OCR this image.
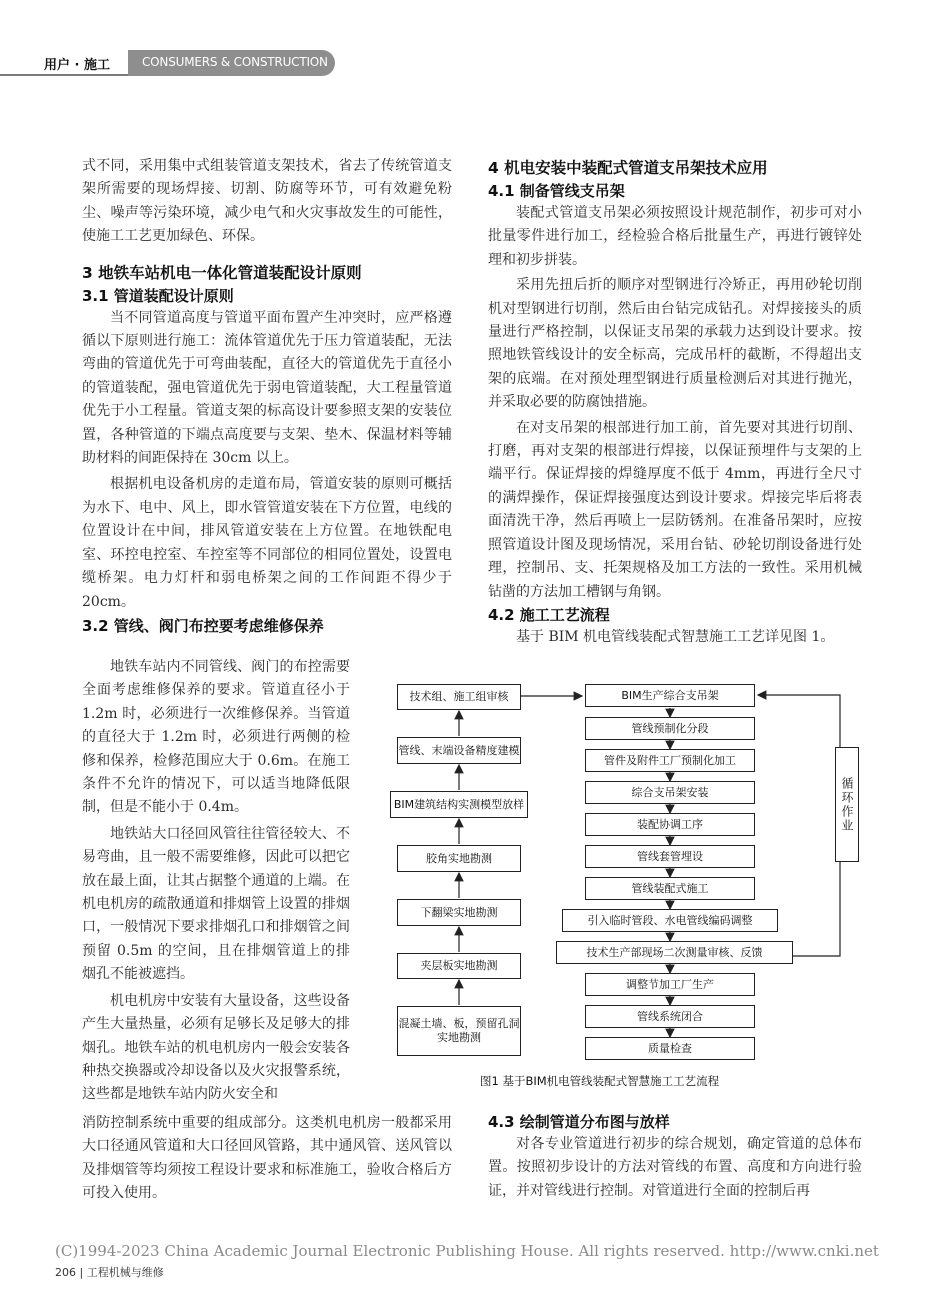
用户 · 施工	CONSUMERS & CONSTRUCTION

式不同，采用集中式组装管道支架技术，省去了传统管道支架所需要的现场焊接、切割、防腐等环节，可有效避免粉尘、噪声等污染环境，减少电气和火灾事故发生的可能性，使施工工艺更加绿色、环保。

3 地铁车站机电一体化管道装配设计原则

3.1 管道装配设计原则

当不同管道高度与管道平面布置产生冲突时，应严格遵循以下原则进行施工：流体管道优先于压力管道装配，无法弯曲的管道优先于可弯曲装配，直径大的管道优先于直径小的管道装配，强电管道优先于弱电管道装配，大工程量管道优先于小工程量。管道支架的标高设计要参照支架的安装位置，各种管道的下端点高度要与支架、垫木、保温材料等辅助材料的间距保持在 30cm 以上。

根据机电设备机房的走道布局，管道安装的原则可概括为水下、电中、风上，即水管管道安装在下方位置，电线的位置设计在中间，排风管道安装在上方位置。在地铁配电室、环控电控室、车控室等不同部位的相同位置处，设置电缆桥架。电力灯杆和弱电桥架之间的工作间距不得少于 20cm。

3.2 管线、阀门布控要考虑维修保养

地铁车站内不同管线、阀门的布控需要全面考虑维修保养的要求。管道直径小于 1.2m 时，必须进行一次维修保养。当管道的直径大于 1.2m 时，必须进行两侧的检修和保养，检修范围应大于 0.6m。在施工条件不允许的情况下，可以适当地降低限制，但是不能小于 0.4m。

地铁站大口径回风管往往管径较大、不易弯曲，且一般不需要维修，因此可以把它放在最上面，让其占据整个通道的上端。在机电机房的疏散通道和排烟管上设置的排烟口，一般情况下要求排烟孔口和排烟管之间预留 0.5m 的空间，且在排烟管道上的排烟孔不能被遮挡。

机电机房中安装有大量设备，这些设备产生大量热量，必须有足够长及足够大的排烟孔。地铁车站的机电机房内一般会安装各种热交换器或冷却设备以及火灾报警系统，这些都是地铁车站内防火安全和

消防控制系统中重要的组成部分。这类机电机房一般都采用大口径通风管道和大口径回风管路，其中通风管、送风管以及排烟管等均须按工程设计要求和标准施工，验收合格后方可投入使用。

4 机电安装中装配式管道支吊架技术应用

4.1 制备管线支吊架

装配式管道支吊架必须按照设计规范制作，初步可对小批量零件进行加工，经检验合格后批量生产，再进行镀锌处理和初步拼装。

采用先扭后折的顺序对型钢进行冷矫正，再用砂轮切削机对型钢进行切削，然后由台钻完成钻孔。对焊接接头的质量进行严格控制，以保证支吊架的承载力达到设计要求。按照地铁管线设计的安全标高，完成吊杆的截断，不得超出支架的底端。在对预处理型钢进行质量检测后对其进行抛光，并采取必要的防腐蚀措施。

在对支吊架的根部进行加工前，首先要对其进行切削、打磨，再对支架的根部进行焊接，以保证预埋件与支架的上端平行。保证焊接的焊缝厚度不低于 4mm，再进行全尺寸的满焊操作，保证焊接强度达到设计要求。焊接完毕后将表面清洗干净，然后再喷上一层防锈剂。在准备吊架时，应按照管道设计图及现场情况，采用台钻、砂轮切削设备进行处理，控制吊、支、托架规格及加工方法的一致性。采用机械钻凿的方法加工槽钢与角钢。

4.2 施工工艺流程

基于 BIM 机电管线装配式智慧施工工艺详见图 1。

技术组、施工组审核
管线、末端设备精度建模
BIM建筑结构实测模型放样
胶角实地勘测
下翻梁实地勘测
夹层板实地勘测
混凝土墙、板，预留孔洞
实地勘测
BIM生产综合支吊架
管线预制化分段
管件及附件工厂预制化加工
综合支吊架安装
装配协调工序
管线套管埋设
管线装配式施工
引入临时管段、水电管线编码调整
技术生产部现场二次测量审核、反馈
调整节加工厂生产
管线系统闭合
质量检查
循环作业
图1 基于BIM机电管线装配式智慧施工工艺流程

4.3 绘制管道分布图与放样

对各专业管道进行初步的综合规划，确定管道的总体布置。按照初步设计的方法对管线的布置、高度和方向进行验证，并对管线进行控制。对管道进行全面的控制后再

(C)1994-2023 China Academic Journal Electronic Publishing House. All rights reserved. http://www.cnki.net
206 | 工程机械与维修
